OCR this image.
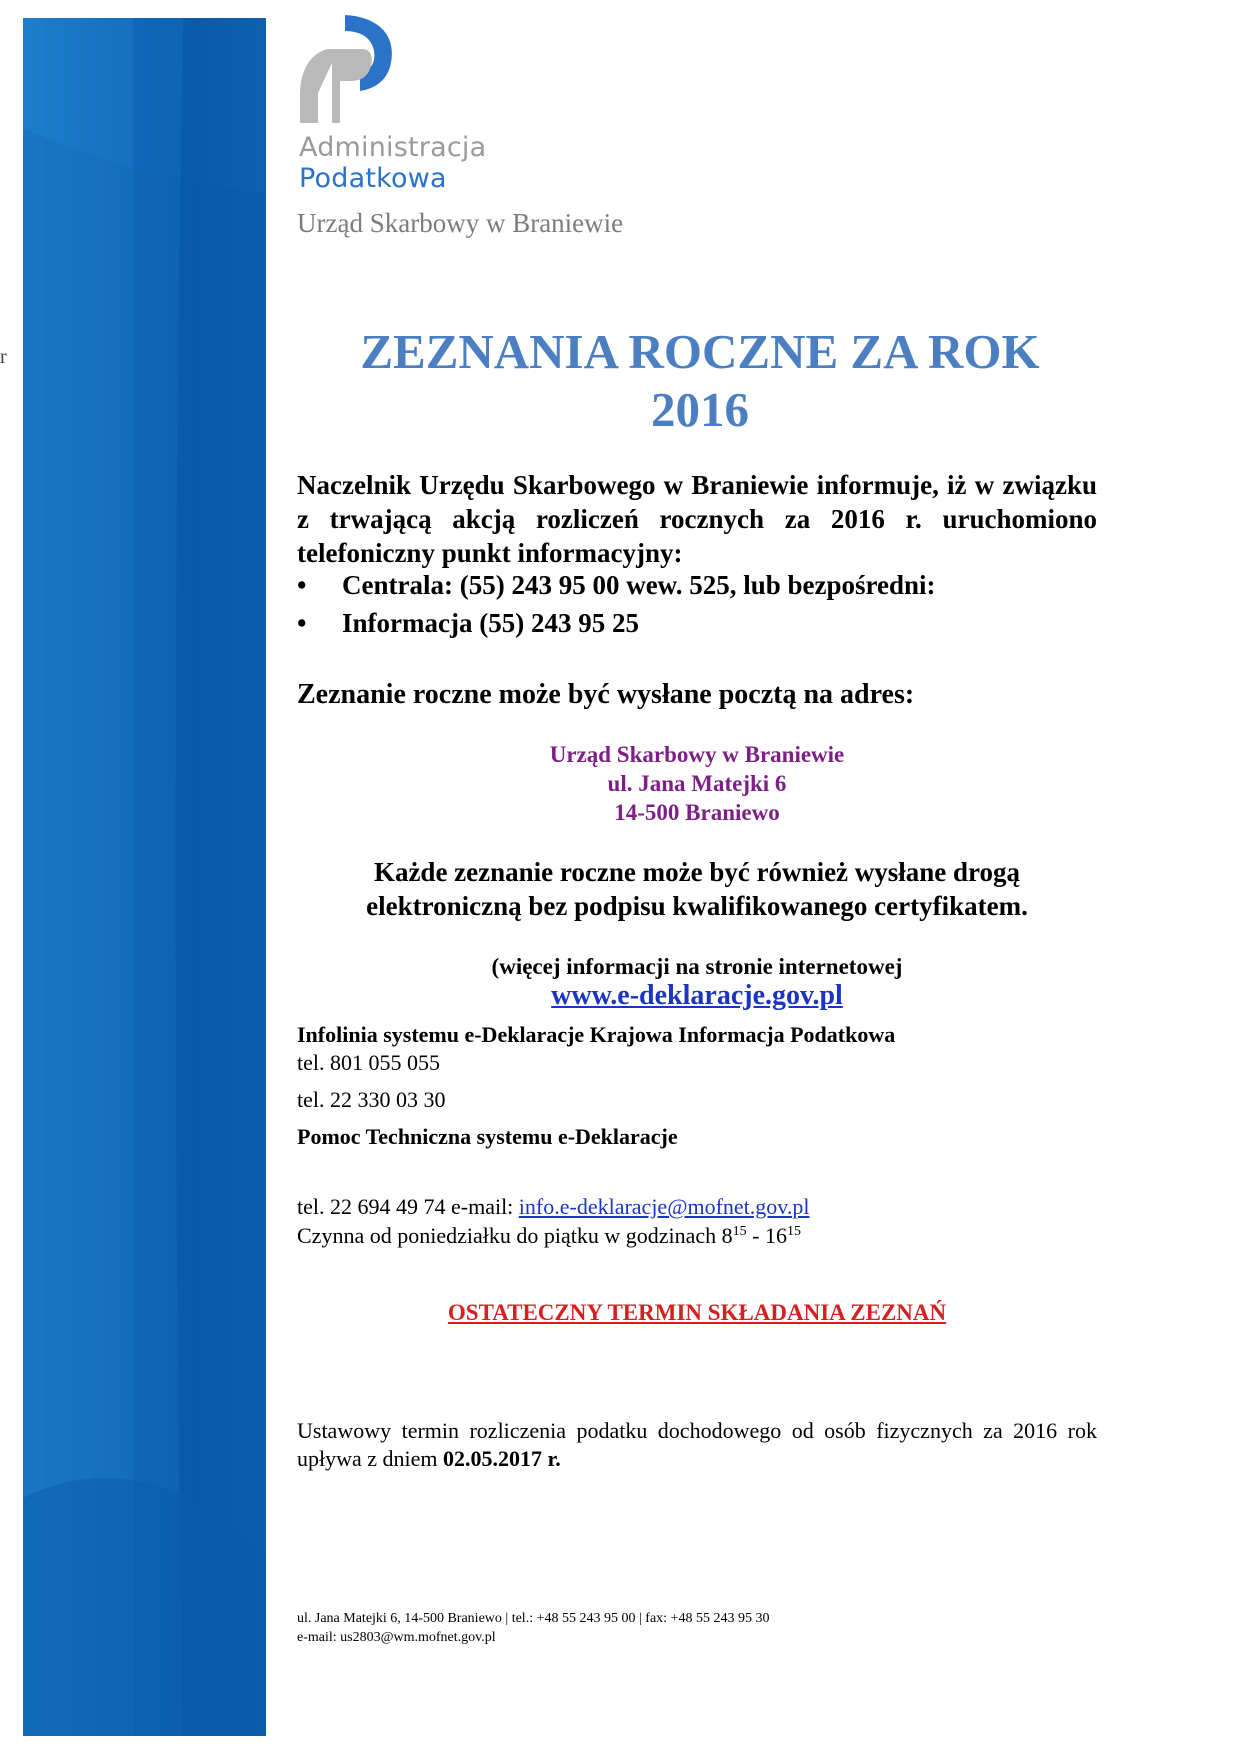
r
Administracja
Podatkowa
Urząd Skarbowy w Braniewie
ZEZNANIA ROCZNE ZA ROK
2016
Naczelnik Urzędu Skarbowego w Braniewie informuje, iż w związku z trwającą akcją rozliczeń rocznych za 2016 r. uruchomiono telefoniczny punkt informacyjny:
• Centrala: (55) 243 95 00 wew. 525, lub bezpośredni:
• Informacja (55) 243 95 25
Zeznanie roczne może być wysłane pocztą na adres:
Urząd Skarbowy w Braniewie
ul. Jana Matejki 6
14-500 Braniewo
Każde zeznanie roczne może być również wysłane drogą
elektroniczną bez podpisu kwalifikowanego certyfikatem.
(więcej informacji na stronie internetowej
www.e-deklaracje.gov.pl
Infolinia systemu e-Deklaracje Krajowa Informacja Podatkowa
tel. 801 055 055
tel. 22 330 03 30
Pomoc Techniczna systemu e-Deklaracje
tel. 22 694 49 74 e-mail: info.e-deklaracje@mofnet.gov.pl
Czynna od poniedziałku do piątku w godzinach $8^{15} - 16^{15}$
OSTATECZNY TERMIN SKŁADANIA ZEZNAŃ
Ustawowy termin rozliczenia podatku dochodowego od osób fizycznych za 2016 rok upływa z dniem 02.05.2017 r.
ul. Jana Matejki 6, 14-500 Braniewo | tel.: +48 55 243 95 00 | fax: +48 55 243 95 30
e-mail: us2803@wm.mofnet.gov.pl
